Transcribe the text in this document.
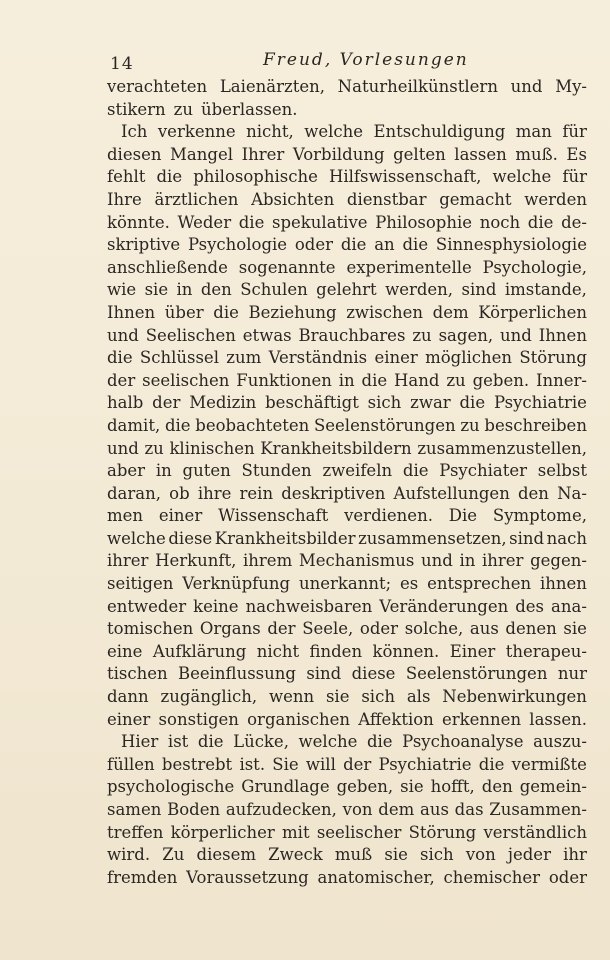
14	Freud, Vorlesungen
verachteten Laienärzten, Naturheilkünstlern und My-
stikern zu überlassen.
Ich verkenne nicht, welche Entschuldigung man für
diesen Mangel Ihrer Vorbildung gelten lassen muß. Es
fehlt die philosophische Hilfswissenschaft, welche für
Ihre ärztlichen Absichten dienstbar gemacht werden
könnte. Weder die spekulative Philosophie noch die de-
skriptive Psychologie oder die an die Sinnesphysiologie
anschließende sogenannte experimentelle Psychologie,
wie sie in den Schulen gelehrt werden, sind imstande,
Ihnen über die Beziehung zwischen dem Körperlichen
und Seelischen etwas Brauchbares zu sagen, und Ihnen
die Schlüssel zum Verständnis einer möglichen Störung
der seelischen Funktionen in die Hand zu geben. Inner-
halb der Medizin beschäftigt sich zwar die Psychiatrie
damit, die beobachteten Seelenstörungen zu beschreiben
und zu klinischen Krankheitsbildern zusammenzustellen,
aber in guten Stunden zweifeln die Psychiater selbst
daran, ob ihre rein deskriptiven Aufstellungen den Na-
men einer Wissenschaft verdienen. Die Symptome,
welche diese Krankheitsbilder zusammensetzen, sind nach
ihrer Herkunft, ihrem Mechanismus und in ihrer gegen-
seitigen Verknüpfung unerkannt; es entsprechen ihnen
entweder keine nachweisbaren Veränderungen des ana-
tomischen Organs der Seele, oder solche, aus denen sie
eine Aufklärung nicht finden können. Einer therapeu-
tischen Beeinflussung sind diese Seelenstörungen nur
dann zugänglich, wenn sie sich als Nebenwirkungen
einer sonstigen organischen Affektion erkennen lassen.
Hier ist die Lücke, welche die Psychoanalyse auszu-
füllen bestrebt ist. Sie will der Psychiatrie die vermißte
psychologische Grundlage geben, sie hofft, den gemein-
samen Boden aufzudecken, von dem aus das Zusammen-
treffen körperlicher mit seelischer Störung verständlich
wird. Zu diesem Zweck muß sie sich von jeder ihr
fremden Voraussetzung anatomischer, chemischer oder
